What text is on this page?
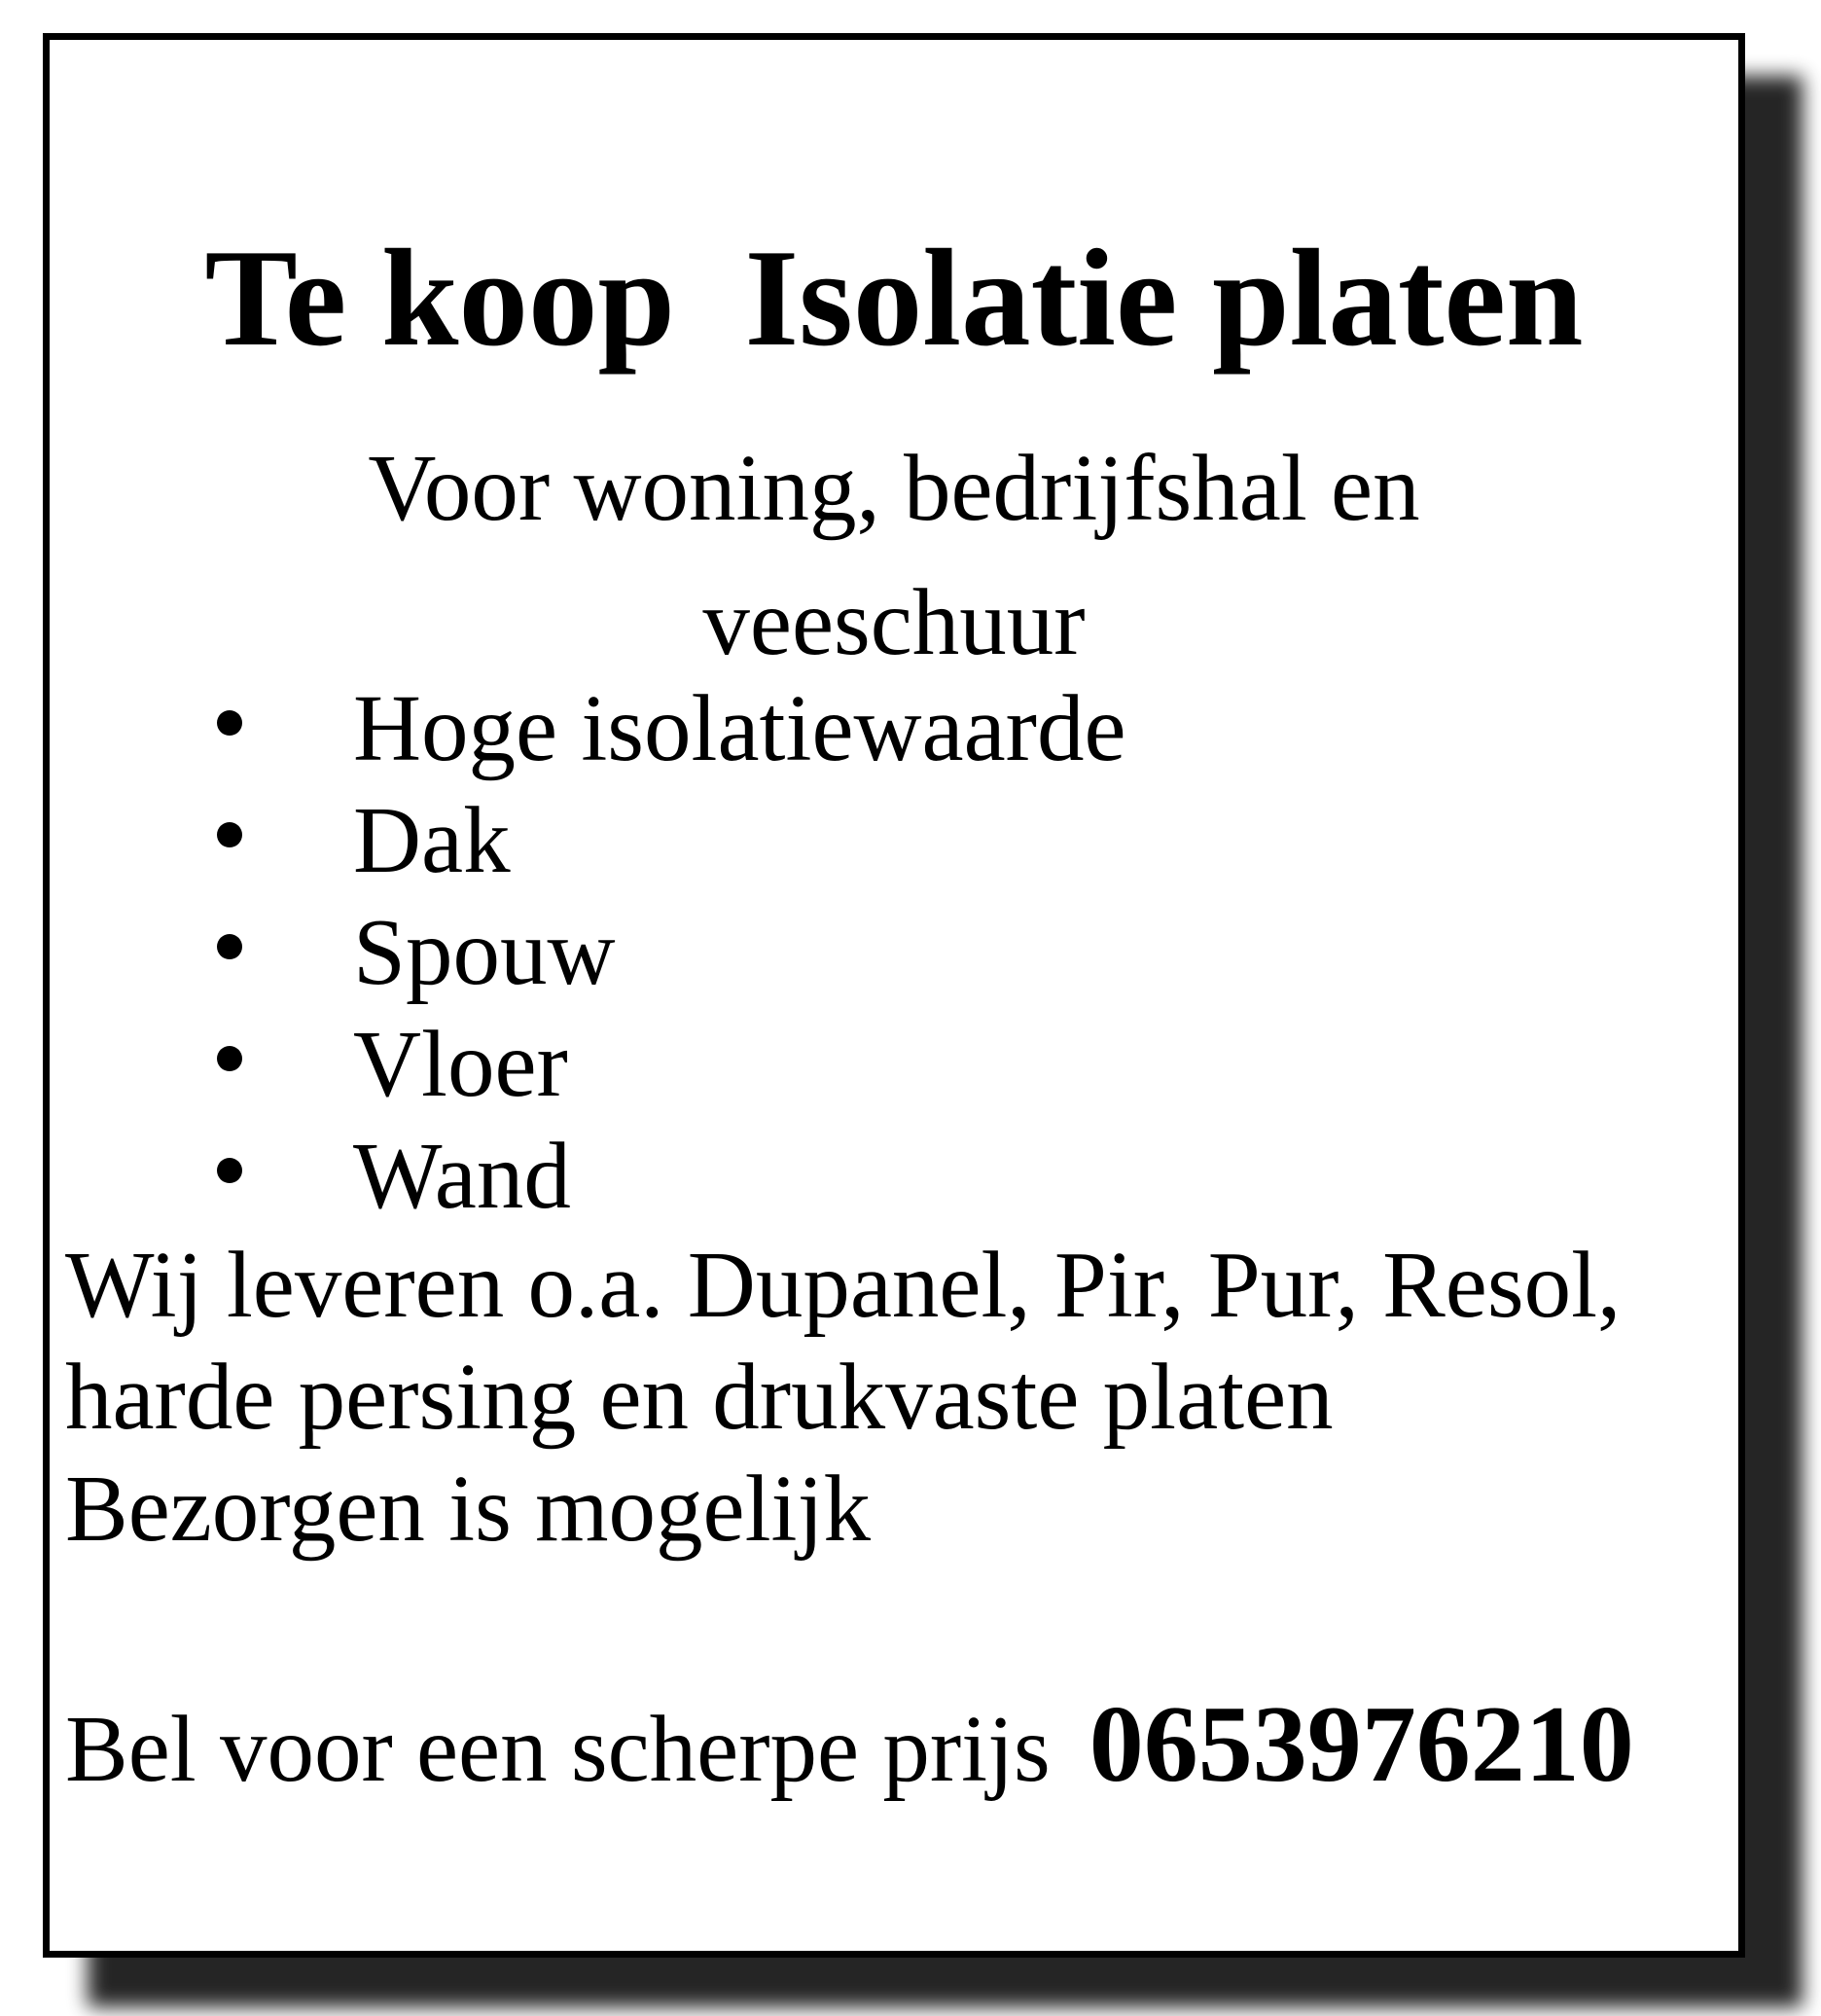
Te koop  Isolatie platen
Voor woning, bedrijfshal en veeschuur
Hoge isolatiewaarde
Dak
Spouw
Vloer
Wand
Wij leveren o.a. Dupanel, Pir, Pur, Resol,
harde persing en drukvaste platen
Bezorgen is mogelijk
Bel voor een scherpe prijs 0653976210
